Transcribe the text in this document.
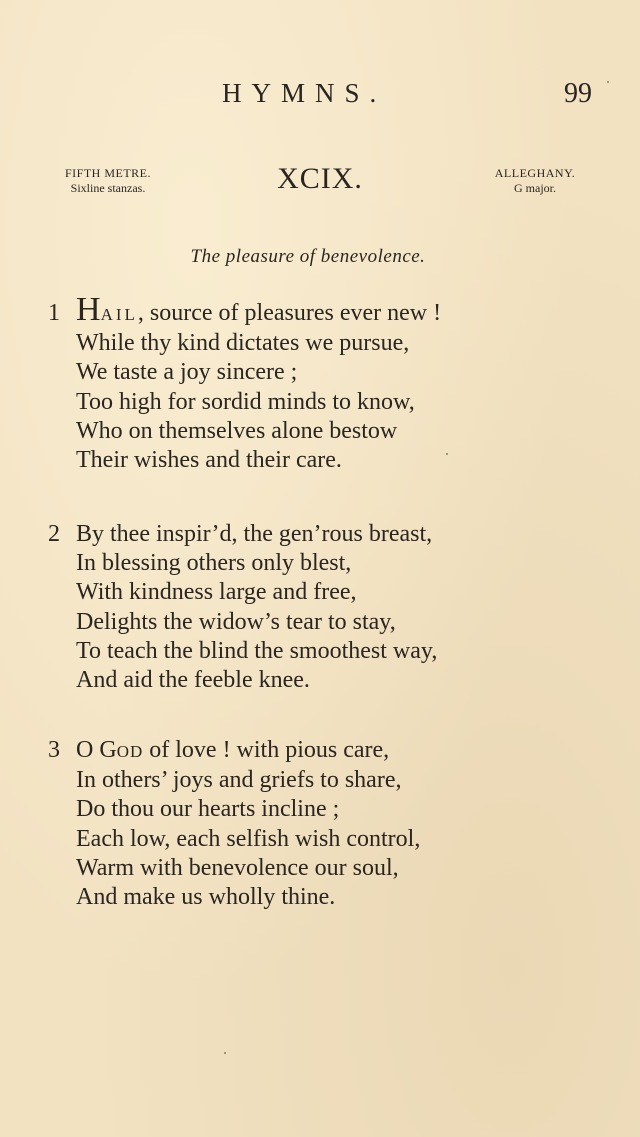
HYMNS.	99
FIFTH METRE.
Sixline stanzas.	XCIX.	ALLEGHANY.
G major.
The pleasure of benevolence.
1 HAIL, source of pleasures ever new !
While thy kind dictates we pursue,
We taste a joy sincere ;
Too high for sordid minds to know,
Who on themselves alone bestow
Their wishes and their care.
2 By thee inspir’d, the gen’rous breast,
In blessing others only blest,
With kindness large and free,
Delights the widow’s tear to stay,
To teach the blind the smoothest way,
And aid the feeble knee.
3 O GOD of love ! with pious care,
In others’ joys and griefs to share,
Do thou our hearts incline ;
Each low, each selfish wish control,
Warm with benevolence our soul,
And make us wholly thine.
